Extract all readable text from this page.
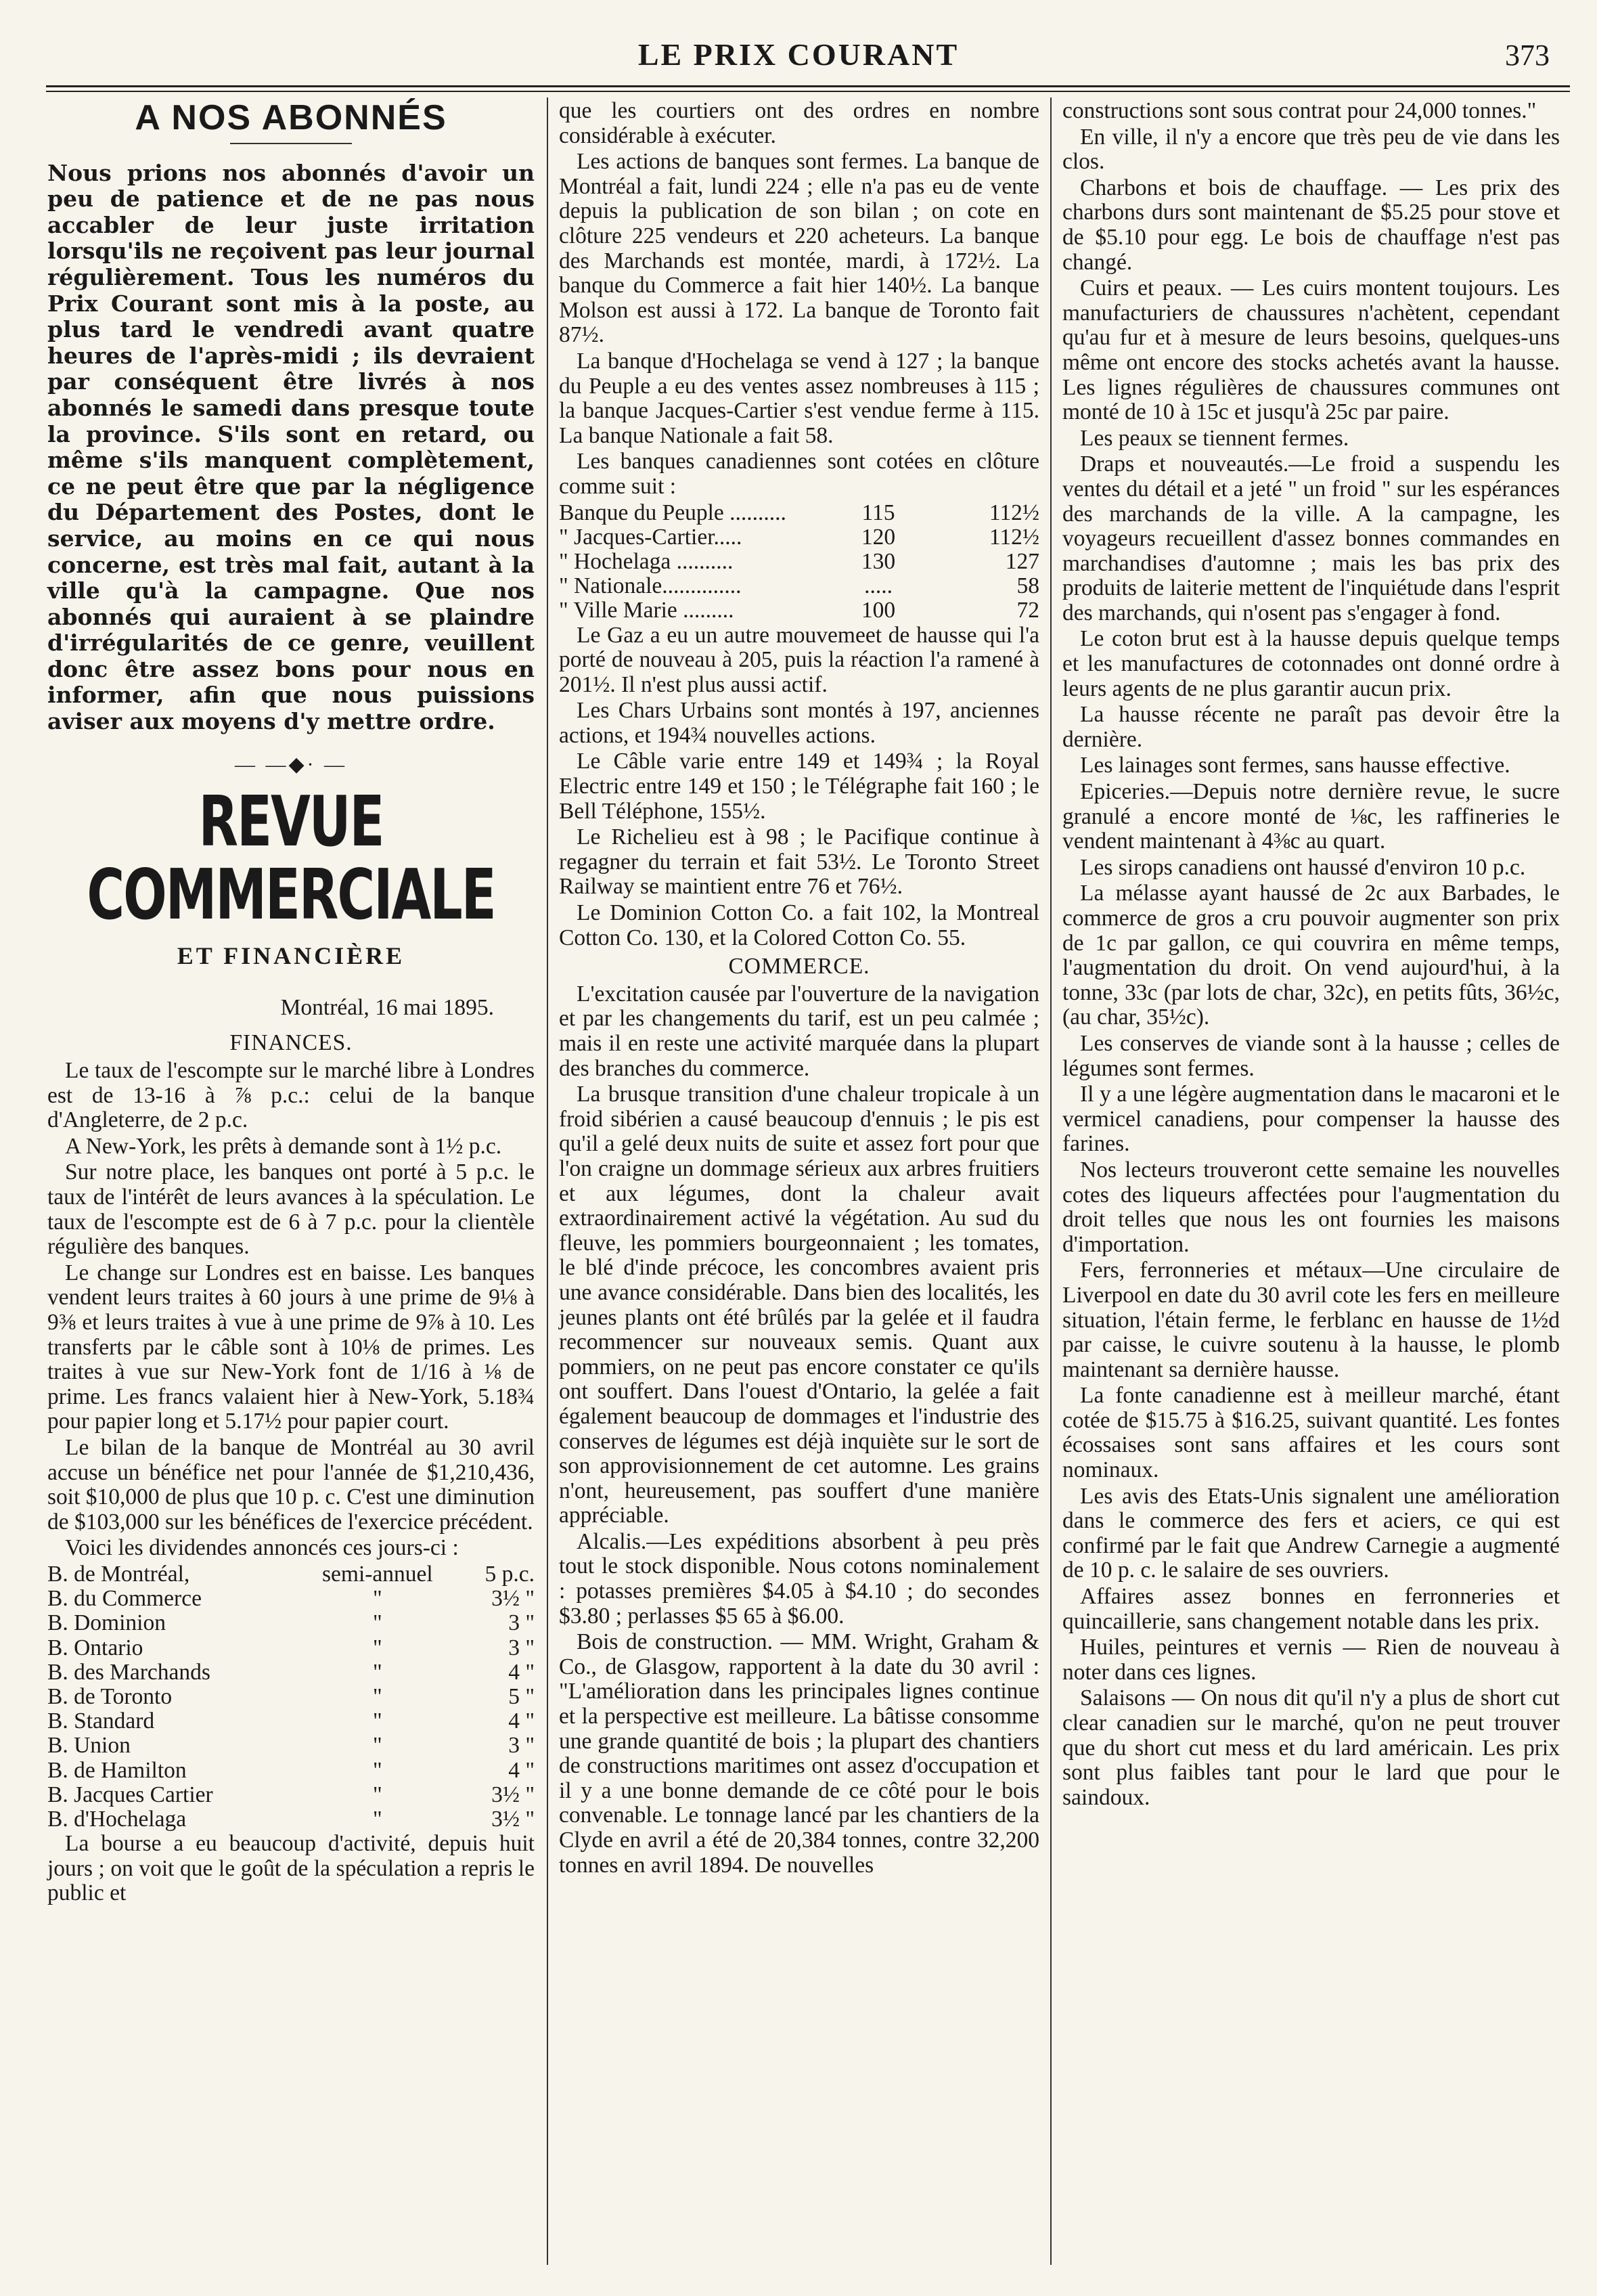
LE PRIX COURANT	373
A NOS ABONNÉS
Nous prions nos abonnés d'avoir un peu de patience et de ne pas nous accabler de leur juste irritation lorsqu'ils ne reçoivent pas leur journal régulièrement. Tous les numéros du Prix Courant sont mis à la poste, au plus tard le vendredi avant quatre heures de l'après-midi ; ils devraient par conséquent être livrés à nos abonnés le samedi dans presque toute la province. S'ils sont en retard, ou même s'ils manquent complètement, ce ne peut être que par la négligence du Département des Postes, dont le service, au moins en ce qui nous concerne, est très mal fait, autant à la ville qu'à la campagne. Que nos abonnés qui auraient à se plaindre d'irrégularités de ce genre, veuillent donc être assez bons pour nous en informer, afin que nous puissions aviser aux moyens d'y mettre ordre.
— —◆· —
REVUE COMMERCIALE
ET FINANCIÈRE
Montréal, 16 mai 1895.
FINANCES.

Le taux de l'escompte sur le marché libre à Londres est de 13-16 à ⅞ p.c.: celui de la banque d'Angleterre, de 2 p.c.

A New-York, les prêts à demande sont à 1½ p.c.

Sur notre place, les banques ont porté à 5 p.c. le taux de l'intérêt de leurs avances à la spéculation. Le taux de l'escompte est de 6 à 7 p.c. pour la clientèle régulière des banques.

Le change sur Londres est en baisse. Les banques vendent leurs traites à 60 jours à une prime de 9⅛ à 9⅜ et leurs traites à vue à une prime de 9⅞ à 10. Les transferts par le câble sont à 10⅛ de primes. Les traites à vue sur New-York font de 1/16 à ⅛ de prime. Les francs valaient hier à New-York, 5.18¾ pour papier long et 5.17½ pour papier court.

Le bilan de la banque de Montréal au 30 avril accuse un bénéfice net pour l'année de $1,210,436, soit $10,000 de plus que 10 p. c. C'est une diminution de $103,000 sur les bénéfices de l'exercice précédent.

Voici les dividendes annoncés ces jours-ci :

B. de Montréal,	semi-annuel	5 p.c.
B. du Commerce	"	3½ "
B. Dominion	"	3 "
B. Ontario	"	3 "
B. des Marchands	"	4 "
B. de Toronto	"	5 "
B. Standard	"	4 "
B. Union	"	3 "
B. de Hamilton	"	4 "
B. Jacques Cartier	"	3½ "
B. d'Hochelaga	"	3½ "

La bourse a eu beaucoup d'activité, depuis huit jours ; on voit que le goût de la spéculation a repris le public et

que les courtiers ont des ordres en nombre considérable à exécuter.

Les actions de banques sont fermes. La banque de Montréal a fait, lundi 224 ; elle n'a pas eu de vente depuis la publication de son bilan ; on cote en clôture 225 vendeurs et 220 acheteurs. La banque des Marchands est montée, mardi, à 172½. La banque du Commerce a fait hier 140½. La banque Molson est aussi à 172. La banque de Toronto fait 87½.

La banque d'Hochelaga se vend à 127 ; la banque du Peuple a eu des ventes assez nombreuses à 115 ; la banque Jacques-Cartier s'est vendue ferme à 115. La banque Nationale a fait 58.

Les banques canadiennes sont cotées en clôture comme suit :

Banque du Peuple ..........	115	112½
" Jacques-Cartier.....	120	112½
" Hochelaga ..........	130	127
" Nationale..............	.....	58
" Ville Marie .........	100	72

Le Gaz a eu un autre mouvemeet de hausse qui l'a porté de nouveau à 205, puis la réaction l'a ramené à 201½. Il n'est plus aussi actif.

Les Chars Urbains sont montés à 197, anciennes actions, et 194¾ nouvelles actions.

Le Câble varie entre 149 et 149¾ ; la Royal Electric entre 149 et 150 ; le Télégraphe fait 160 ; le Bell Téléphone, 155½.

Le Richelieu est à 98 ; le Pacifique continue à regagner du terrain et fait 53½. Le Toronto Street Railway se maintient entre 76 et 76½.

Le Dominion Cotton Co. a fait 102, la Montreal Cotton Co. 130, et la Colored Cotton Co. 55.

COMMERCE.

L'excitation causée par l'ouverture de la navigation et par les changements du tarif, est un peu calmée ; mais il en reste une activité marquée dans la plupart des branches du commerce.

La brusque transition d'une chaleur tropicale à un froid sibérien a causé beaucoup d'ennuis ; le pis est qu'il a gelé deux nuits de suite et assez fort pour que l'on craigne un dommage sérieux aux arbres fruitiers et aux légumes, dont la chaleur avait extraordinairement activé la végétation. Au sud du fleuve, les pommiers bourgeonnaient ; les tomates, le blé d'inde précoce, les concombres avaient pris une avance considérable. Dans bien des localités, les jeunes plants ont été brûlés par la gelée et il faudra recommencer sur nouveaux semis. Quant aux pommiers, on ne peut pas encore constater ce qu'ils ont souffert. Dans l'ouest d'Ontario, la gelée a fait également beaucoup de dommages et l'industrie des conserves de légumes est déjà inquiète sur le sort de son approvisionnement de cet automne. Les grains n'ont, heureusement, pas souffert d'une manière appréciable.

Alcalis.—Les expéditions absorbent à peu près tout le stock disponible. Nous cotons nominalement : potasses premières $4.05 à $4.10 ; do secondes $3.80 ; perlasses $5 65 à $6.00.

Bois de construction. — MM. Wright, Graham & Co., de Glasgow, rapportent à la date du 30 avril : "L'amélioration dans les principales lignes continue et la perspective est meilleure. La bâtisse consomme une grande quantité de bois ; la plupart des chantiers de constructions maritimes ont assez d'occupation et il y a une bonne demande de ce côté pour le bois convenable. Le tonnage lancé par les chantiers de la Clyde en avril a été de 20,384 tonnes, contre 32,200 tonnes en avril 1894. De nouvelles

constructions sont sous contrat pour 24,000 tonnes."

En ville, il n'y a encore que très peu de vie dans les clos.

Charbons et bois de chauffage. — Les prix des charbons durs sont maintenant de $5.25 pour stove et de $5.10 pour egg. Le bois de chauffage n'est pas changé.

Cuirs et peaux. — Les cuirs montent toujours. Les manufacturiers de chaussures n'achètent, cependant qu'au fur et à mesure de leurs besoins, quelques-uns même ont encore des stocks achetés avant la hausse. Les lignes régulières de chaussures communes ont monté de 10 à 15c et jusqu'à 25c par paire.

Les peaux se tiennent fermes.

Draps et nouveautés.—Le froid a suspendu les ventes du détail et a jeté " un froid " sur les espérances des marchands de la ville. A la campagne, les voyageurs recueillent d'assez bonnes commandes en marchandises d'automne ; mais les bas prix des produits de laiterie mettent de l'inquiétude dans l'esprit des marchands, qui n'osent pas s'engager à fond.

Le coton brut est à la hausse depuis quelque temps et les manufactures de cotonnades ont donné ordre à leurs agents de ne plus garantir aucun prix.

La hausse récente ne paraît pas devoir être la dernière.

Les lainages sont fermes, sans hausse effective.

Epiceries.—Depuis notre dernière revue, le sucre granulé a encore monté de ⅛c, les raffineries le vendent maintenant à 4⅜c au quart.

Les sirops canadiens ont haussé d'environ 10 p.c.

La mélasse ayant haussé de 2c aux Barbades, le commerce de gros a cru pouvoir augmenter son prix de 1c par gallon, ce qui couvrira en même temps, l'augmentation du droit. On vend aujourd'hui, à la tonne, 33c (par lots de char, 32c), en petits fûts, 36½c, (au char, 35½c).

Les conserves de viande sont à la hausse ; celles de légumes sont fermes.

Il y a une légère augmentation dans le macaroni et le vermicel canadiens, pour compenser la hausse des farines.

Nos lecteurs trouveront cette semaine les nouvelles cotes des liqueurs affectées pour l'augmentation du droit telles que nous les ont fournies les maisons d'importation.

Fers, ferronneries et métaux—Une circulaire de Liverpool en date du 30 avril cote les fers en meilleure situation, l'étain ferme, le ferblanc en hausse de 1½d par caisse, le cuivre soutenu à la hausse, le plomb maintenant sa dernière hausse.

La fonte canadienne est à meilleur marché, étant cotée de $15.75 à $16.25, suivant quantité. Les fontes écossaises sont sans affaires et les cours sont nominaux.

Les avis des Etats-Unis signalent une amélioration dans le commerce des fers et aciers, ce qui est confirmé par le fait que Andrew Carnegie a augmenté de 10 p. c. le salaire de ses ouvriers.

Affaires assez bonnes en ferronneries et quincaillerie, sans changement notable dans les prix.

Huiles, peintures et vernis — Rien de nouveau à noter dans ces lignes.

Salaisons — On nous dit qu'il n'y a plus de short cut clear canadien sur le marché, qu'on ne peut trouver que du short cut mess et du lard américain. Les prix sont plus faibles tant pour le lard que pour le saindoux.
